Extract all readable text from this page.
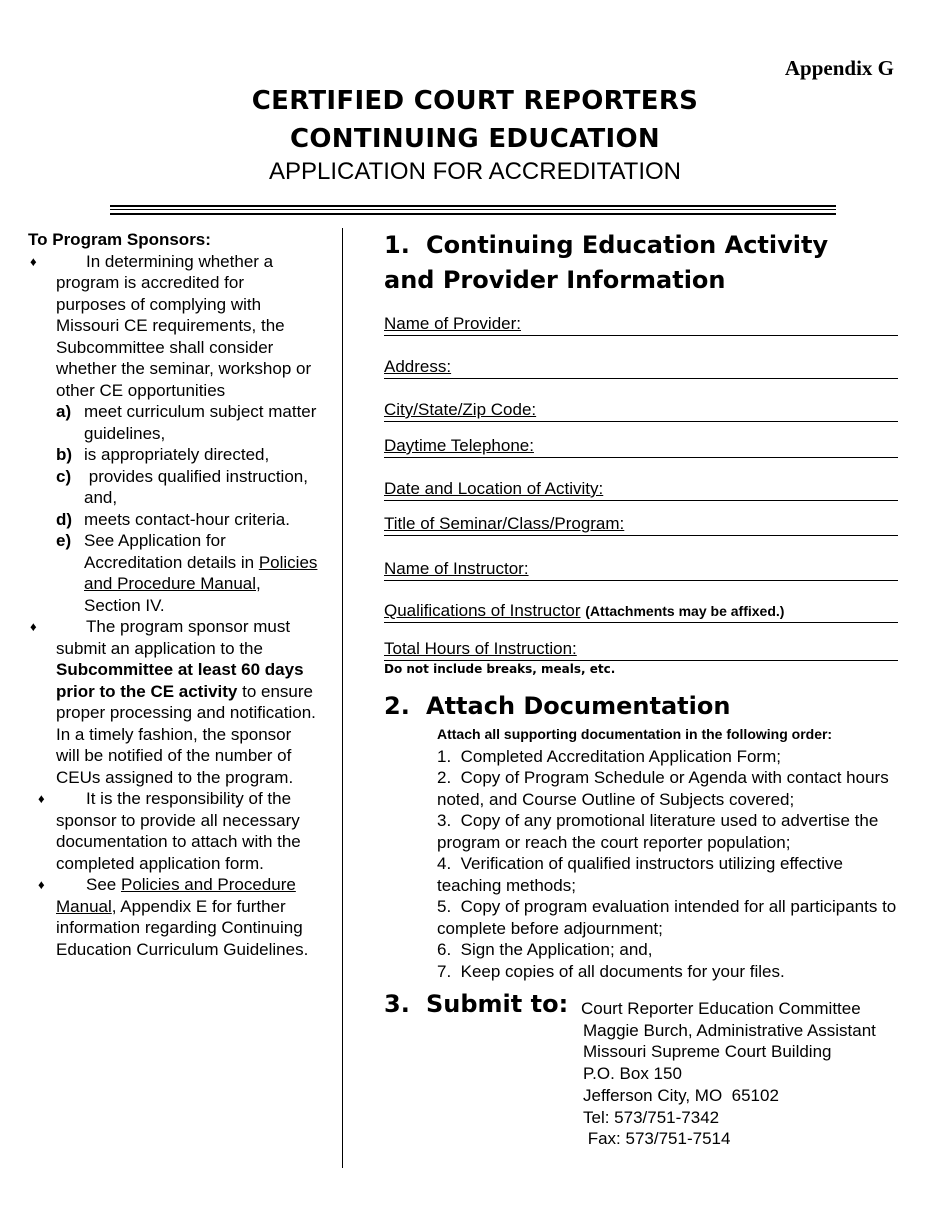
Appendix G
CERTIFIED COURT REPORTERS
CONTINUING EDUCATION
APPLICATION FOR ACCREDITATION
To Program Sponsors:
♦	In determining whether a program is accredited for purposes of complying with Missouri CE requirements, the Subcommittee shall consider whether the seminar, workshop or other CE opportunities
a) meet curriculum subject matter guidelines,
b) is appropriately directed,
c) provides qualified instruction, and,
d) meets contact-hour criteria.
e) See Application for Accreditation details in Policies and Procedure Manual, Section IV.
♦	The program sponsor must submit an application to the Subcommittee at least 60 days prior to the CE activity to ensure proper processing and notification. In a timely fashion, the sponsor will be notified of the number of CEUs assigned to the program.
♦	It is the responsibility of the sponsor to provide all necessary documentation to attach with the completed application form.
♦	See Policies and Procedure Manual, Appendix E for further information regarding Continuing Education Curriculum Guidelines.
1. Continuing Education Activity
and Provider Information
Name of Provider:
Address:
City/State/Zip Code:
Daytime Telephone:
Date and Location of Activity:
Title of Seminar/Class/Program:
Name of Instructor:
Qualifications of Instructor (Attachments may be affixed.)
Total Hours of Instruction:
Do not include breaks, meals, etc.
2. Attach Documentation
Attach all supporting documentation in the following order:
1.  Completed Accreditation Application Form;
2.  Copy of Program Schedule or Agenda with contact hours noted, and Course Outline of Subjects covered;
3.  Copy of any promotional literature used to advertise the program or reach the court reporter population;
4.  Verification of qualified instructors utilizing effective teaching methods;
5.  Copy of program evaluation intended for all participants to complete before adjournment;
6.  Sign the Application; and,
7.  Keep copies of all documents for your files.
3. Submit to: Court Reporter Education Committee
Maggie Burch, Administrative Assistant
Missouri Supreme Court Building
P.O. Box 150
Jefferson City, MO  65102
Tel: 573/751-7342
Fax: 573/751-7514
